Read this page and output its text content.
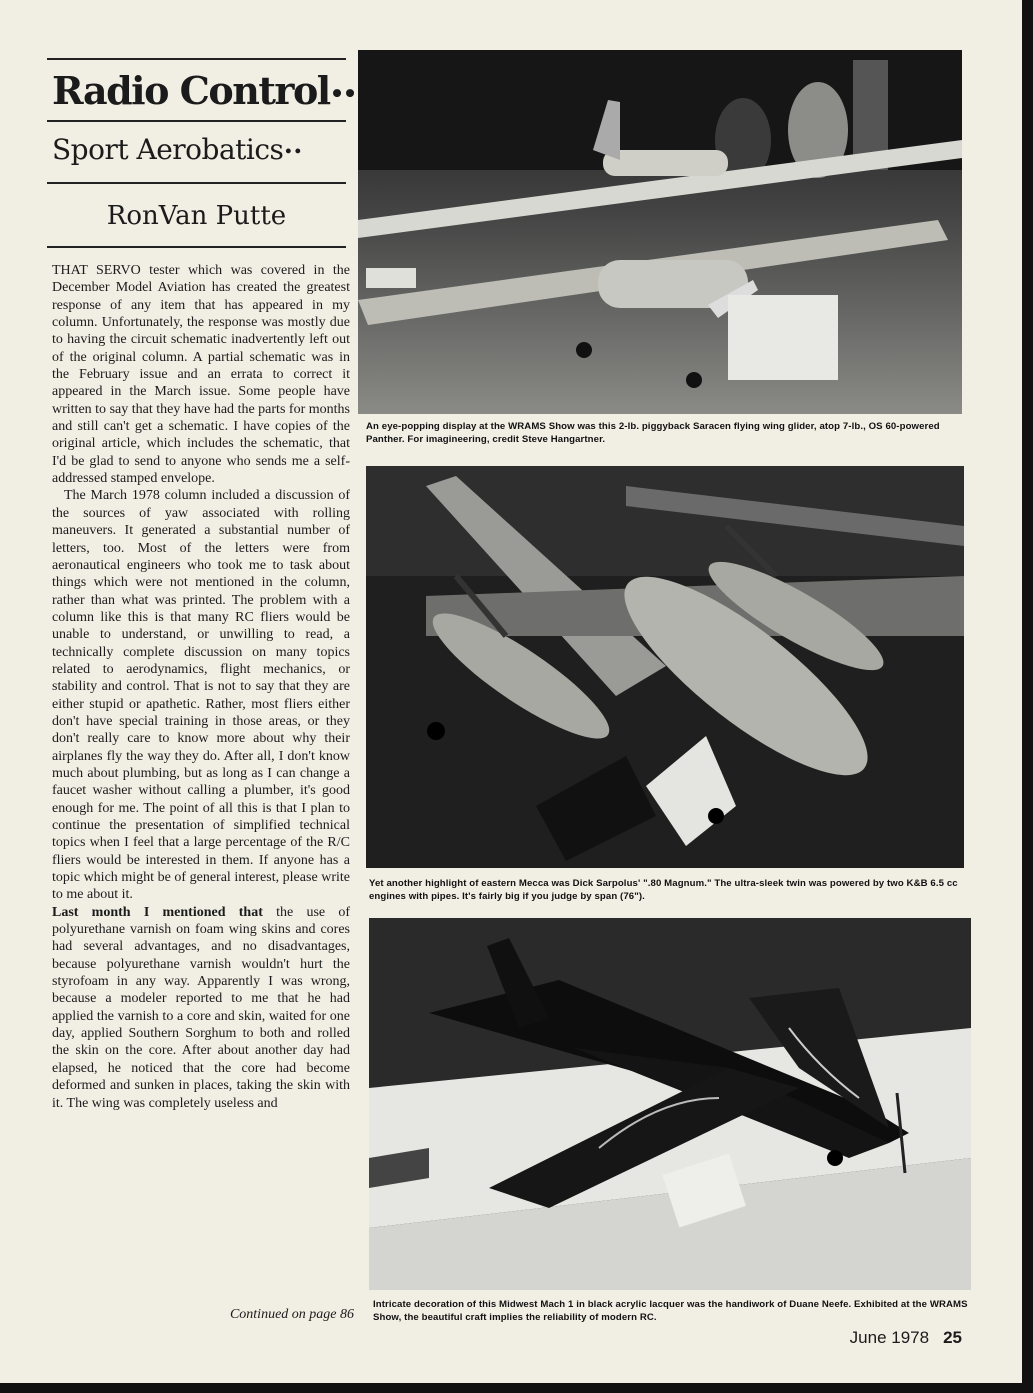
Radio Control••
Sport Aerobatics••
RonVan Putte

THAT SERVO tester which was covered in the December Model Aviation has created the greatest response of any item that has appeared in my column. Unfortunately, the response was mostly due to having the circuit schematic inadvertently left out of the original column. A partial schematic was in the February issue and an errata to correct it appeared in the March issue. Some people have written to say that they have had the parts for months and still can't get a schematic. I have copies of the original article, which includes the schematic, that I'd be glad to send to anyone who sends me a self-addressed stamped envelope.

The March 1978 column included a discussion of the sources of yaw associated with rolling maneuvers. It generated a substantial number of letters, too. Most of the letters were from aeronautical engineers who took me to task about things which were not mentioned in the column, rather than what was printed. The problem with a column like this is that many RC fliers would be unable to understand, or unwilling to read, a technically complete discussion on many topics related to aerodynamics, flight mechanics, or stability and control. That is not to say that they are either stupid or apathetic. Rather, most fliers either don't have special training in those areas, or they don't really care to know more about why their airplanes fly the way they do. After all, I don't know much about plumbing, but as long as I can change a faucet washer without calling a plumber, it's good enough for me. The point of all this is that I plan to continue the presentation of simplified technical topics when I feel that a large percentage of the R/C fliers would be interested in them. If anyone has a topic which might be of general interest, please write to me about it.

Last month I mentioned that the use of polyurethane varnish on foam wing skins and cores had several advantages, and no disadvantages, because polyurethane varnish wouldn't hurt the styrofoam in any way. Apparently I was wrong, because a modeler reported to me that he had applied the varnish to a core and skin, waited for one day, applied Southern Sorghum to both and rolled the skin on the core. After about another day had elapsed, he noticed that the core had become deformed and sunken in places, taking the skin with it. The wing was completely useless and

Continued on page 86
An eye-popping display at the WRAMS Show was this 2-lb. piggyback Saracen flying wing glider, atop 7-lb., OS 60-powered Panther. For imagineering, credit Steve Hangartner.
Yet another highlight of eastern Mecca was Dick Sarpolus' ".80 Magnum." The ultra-sleek twin was powered by two K&B 6.5 cc engines with pipes. It's fairly big if you judge by span (76").
Intricate decoration of this Midwest Mach 1 in black acrylic lacquer was the handiwork of Duane Neefe. Exhibited at the WRAMS Show, the beautiful craft implies the reliability of modern RC.
June 1978 25
